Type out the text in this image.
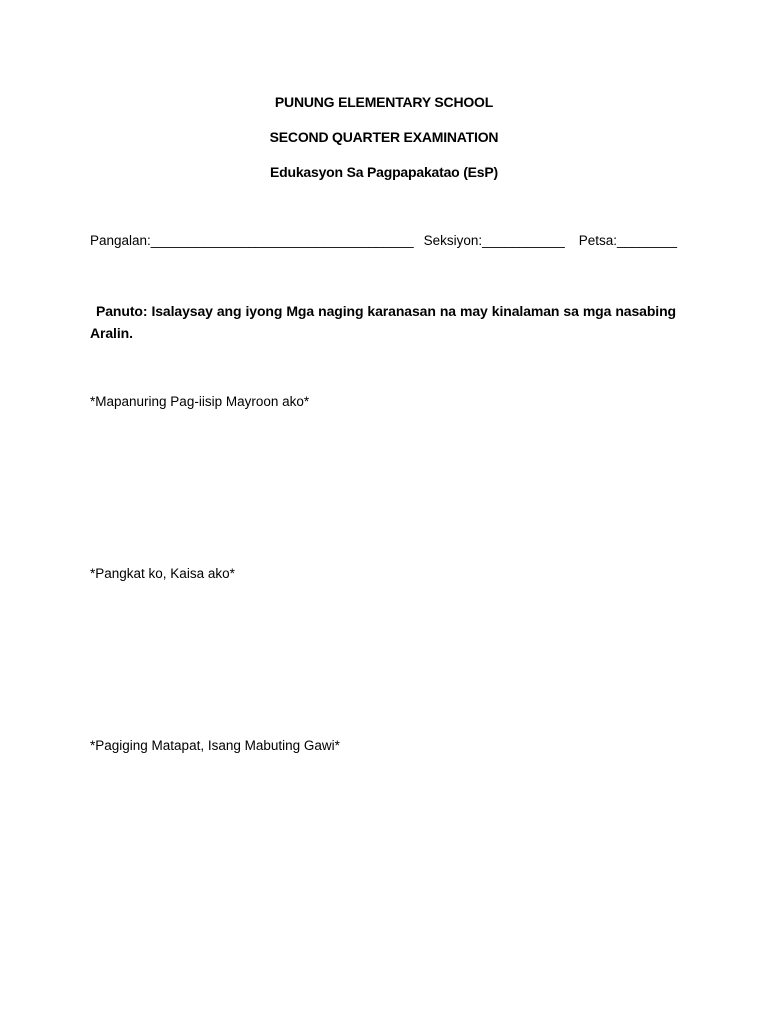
PUNUNG ELEMENTARY SCHOOL
SECOND QUARTER EXAMINATION
Edukasyon Sa Pagpapakatao (EsP)
Pangalan:___________________________________ Seksiyon:___________ Petsa:________
Panuto: Isalaysay ang iyong Mga naging karanasan na may kinalaman sa mga nasabing Aralin.
*Mapanuring Pag-iisip Mayroon ako*
*Pangkat ko, Kaisa ako*
*Pagiging Matapat, Isang Mabuting Gawi*
